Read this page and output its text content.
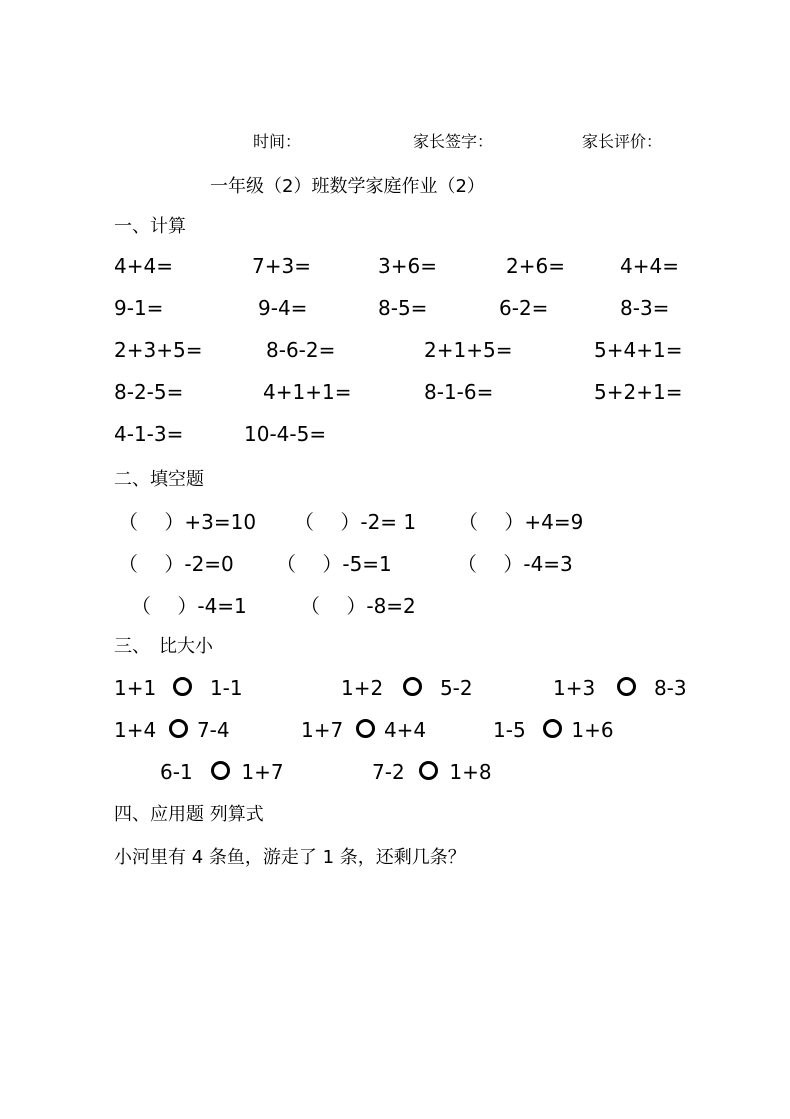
时间：	家长签字：	家长评价：
一年级（2）班数学家庭作业（2）
一、计算
4+4=	7+3=	3+6=	2+6=	4+4=
9-1=	9-4=	8-5=	6-2=	8-3=
2+3+5=	8-6-2=	2+1+5=	5+4+1=
8-2-5=	4+1+1=	8-1-6=	5+2+1=
4-1-3=	10-4-5=
二、填空题
（　 ）+3=10 （　 ）-2= 1 （　 ）+4=9
（　 ）-2=0 （　 ）-5=1	（　 ）-4=3
（　 ）-4=1	（　 ）-8=2
三、　比大小
1+1	1-1	1+2	5-2	1+3	8-3
1+4 7-4	1+7 4+4	1-5 1+6
6-1 1+7	7-2 1+8
四、应用题 列算式
小河里有 4 条鱼，游走了 1 条，还剩几条？
